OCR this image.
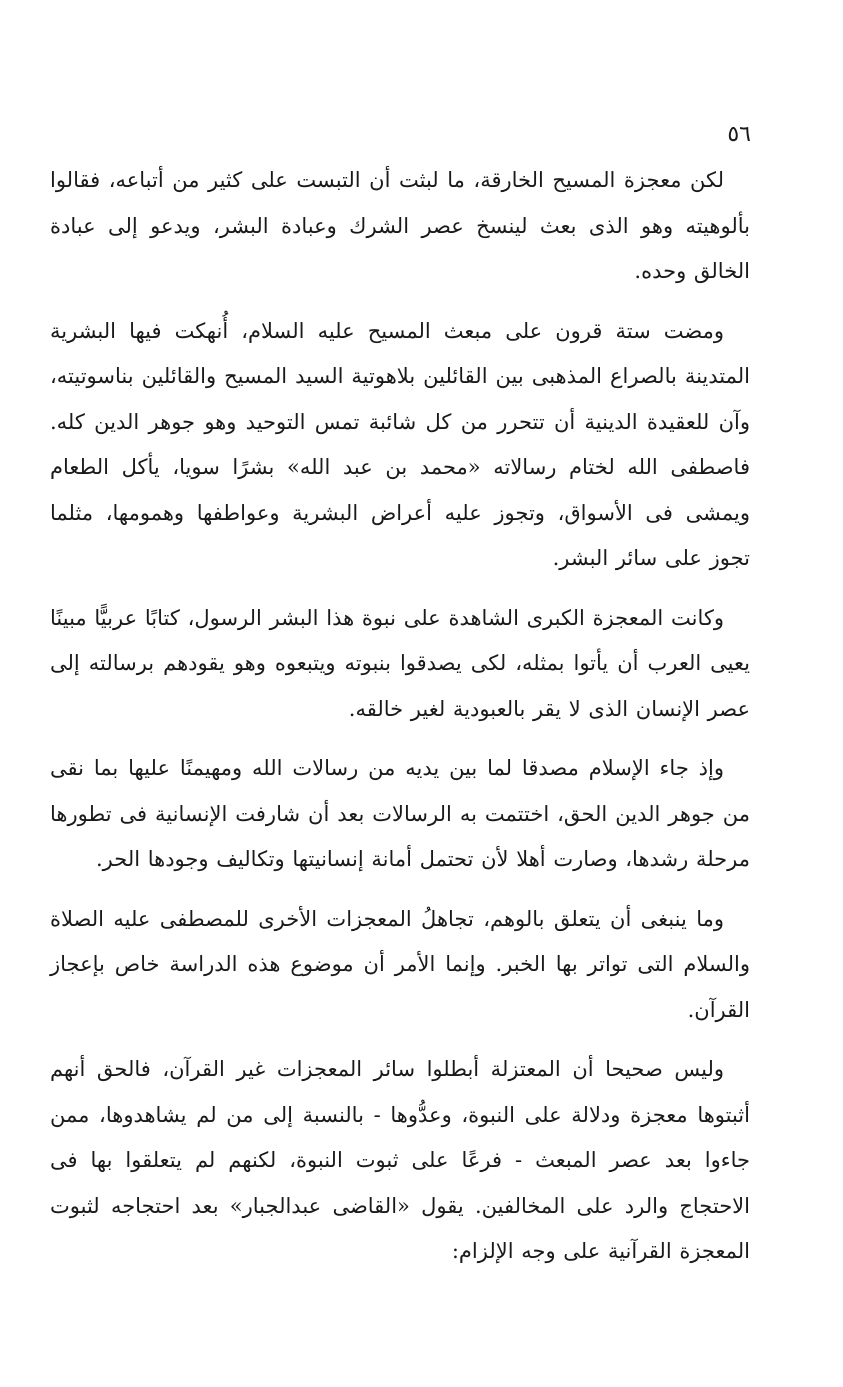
٥٦

لكن معجزة المسيح الخارقة، ما لبثت أن التبست على كثير من أتباعه، فقالوا بألوهيته وهو الذى بعث لينسخ عصر الشرك وعبادة البشر، ويدعو إلى عبادة الخالق وحده.

ومضت ستة قرون على مبعث المسيح عليه السلام، أُنهكت فيها البشرية المتدينة بالصراع المذهبى بين القائلين بلاهوتية السيد المسيح والقائلين بناسوتيته، وآن للعقيدة الدينية أن تتحرر من كل شائبة تمس التوحيد وهو جوهر الدين كله. فاصطفى الله لختام رسالاته «محمد بن عبد الله» بشرًا سويا، يأكل الطعام ويمشى فى الأسواق، وتجوز عليه أعراض البشرية وعواطفها وهمومها، مثلما تجوز على سائر البشر.

وكانت المعجزة الكبرى الشاهدة على نبوة هذا البشر الرسول، كتابًا عربيًّا مبينًا يعيى العرب أن يأتوا بمثله، لكى يصدقوا بنبوته ويتبعوه وهو يقودهم برسالته إلى عصر الإنسان الذى لا يقر بالعبودية لغير خالقه.

وإذ جاء الإسلام مصدقا لما بين يديه من رسالات الله ومهيمنًا عليها بما نقى من جوهر الدين الحق، اختتمت به الرسالات بعد أن شارفت الإنسانية فى تطورها مرحلة رشدها، وصارت أهلا لأن تحتمل أمانة إنسانيتها وتكاليف وجودها الحر.

وما ينبغى أن يتعلق بالوهم، تجاهلُ المعجزات الأخرى للمصطفى عليه الصلاة والسلام التى تواتر بها الخبر. وإنما الأمر أن موضوع هذه الدراسة خاص بإعجاز القرآن.

وليس صحيحا أن المعتزلة أبطلوا سائر المعجزات غير القرآن، فالحق أنهم أثبتوها معجزة ودلالة على النبوة، وعدُّوها - بالنسبة إلى من لم يشاهدوها، ممن جاءوا بعد عصر المبعث - فرعًا على ثبوت النبوة، لكنهم لم يتعلقوا بها فى الاحتجاج والرد على المخالفين. يقول «القاضى عبدالجبار» بعد احتجاجه لثبوت المعجزة القرآنية على وجه الإلزام:
